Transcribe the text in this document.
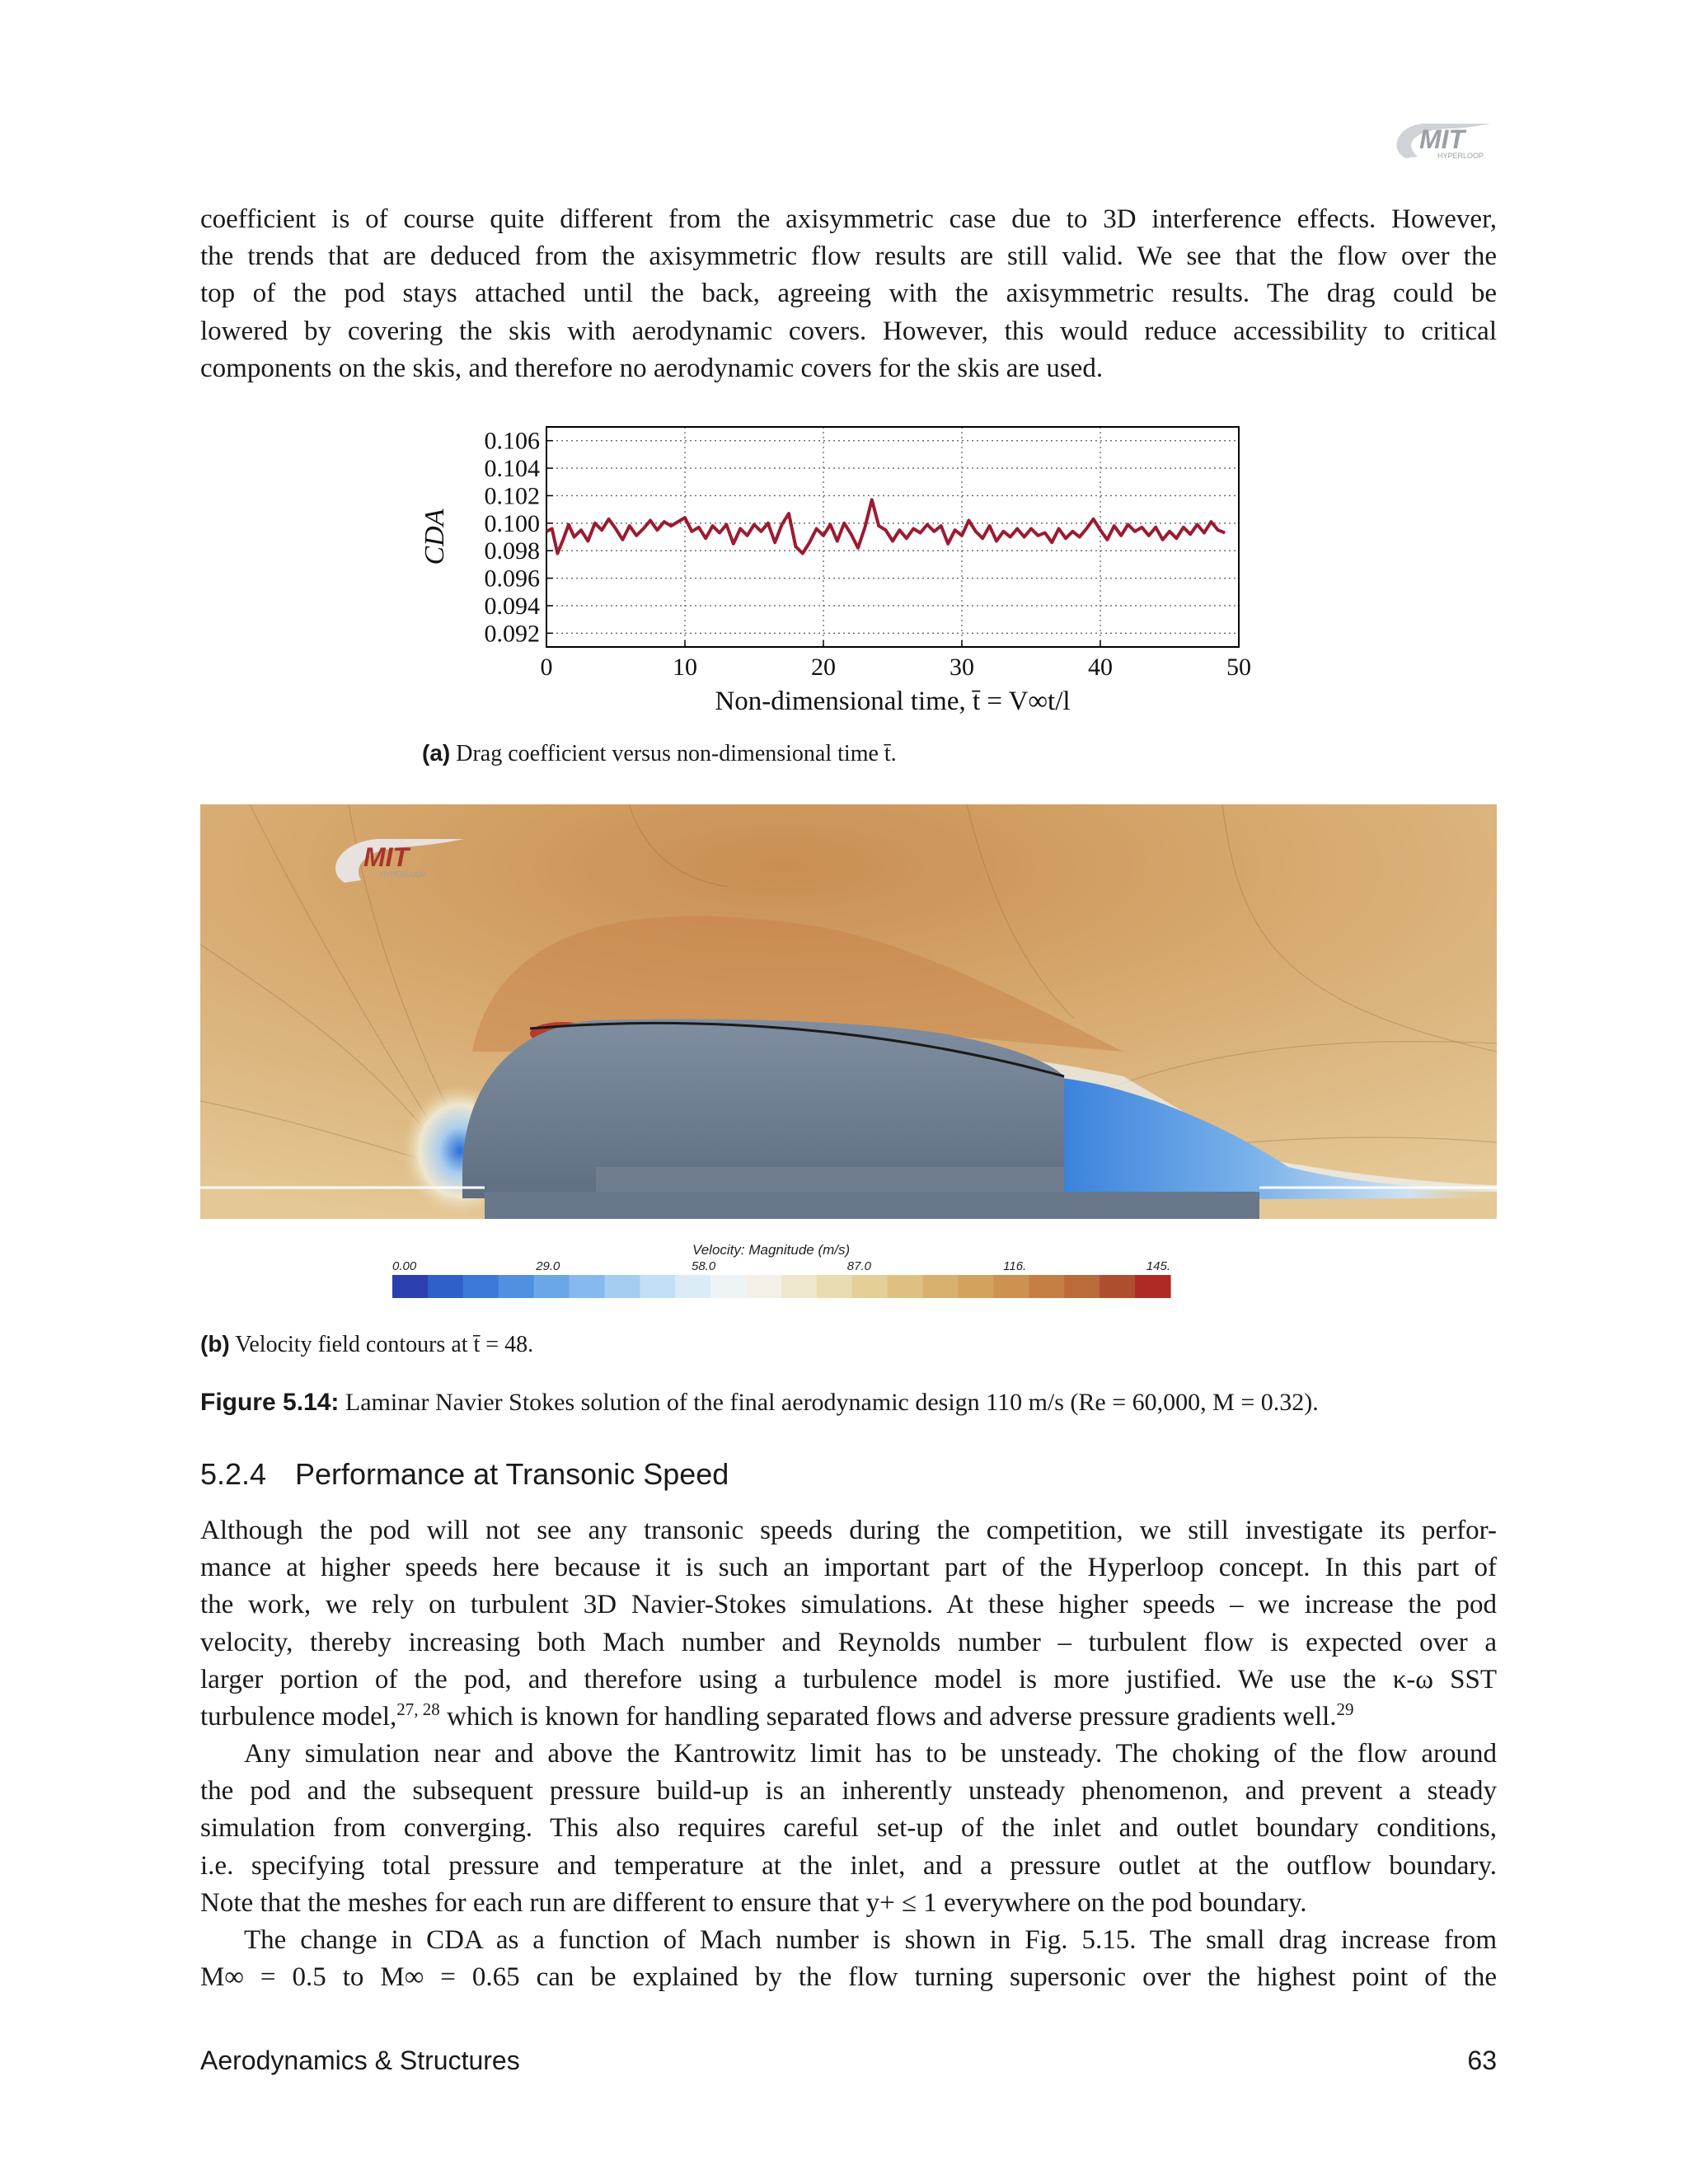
MIT
HYPERLOOP

coefficient is of course quite different from the axisymmetric case due to 3D interference effects. However,
the trends that are deduced from the axisymmetric flow results are still valid. We see that the flow over the
top of the pod stays attached until the back, agreeing with the axisymmetric results. The drag could be
lowered by covering the skis with aerodynamic covers. However, this would reduce accessibility to critical
components on the skis, and therefore no aerodynamic covers for the skis are used.

0.106
0.104
0.102
0.100
0.098
0.096
0.094
0.092
0	10	20	30	40	50
Non-dimensional time, t̄ = V∞t/l
CDA
(a) Drag coefficient versus non-dimensional time t̄.
MIT
HYPERLOOP
Velocity: Magnitude (m/s)
0.00	29.0	58.0	87.0	116.	145.
(b) Velocity field contours at t̄ = 48.
Figure 5.14: Laminar Navier Stokes solution of the final aerodynamic design 110 m/s (Re = 60,000, M = 0.32).
5.2.4 Performance at Transonic Speed

Although the pod will not see any transonic speeds during the competition, we still investigate its perfor-
mance at higher speeds here because it is such an important part of the Hyperloop concept. In this part of
the work, we rely on turbulent 3D Navier-Stokes simulations. At these higher speeds – we increase the pod
velocity, thereby increasing both Mach number and Reynolds number – turbulent flow is expected over a
larger portion of the pod, and therefore using a turbulence model is more justified. We use the κ-ω SST
turbulence model,$^{27, 28}$ which is known for handling separated flows and adverse pressure gradients well.$^{29}$

Any simulation near and above the Kantrowitz limit has to be unsteady. The choking of the flow around
the pod and the subsequent pressure build-up is an inherently unsteady phenomenon, and prevent a steady
simulation from converging. This also requires careful set-up of the inlet and outlet boundary conditions,
i.e. specifying total pressure and temperature at the inlet, and a pressure outlet at the outflow boundary.
Note that the meshes for each run are different to ensure that y+ ≤ 1 everywhere on the pod boundary.

The change in CDA as a function of Mach number is shown in Fig. 5.15. The small drag increase from
M∞ = 0.5 to M∞ = 0.65 can be explained by the flow turning supersonic over the highest point of the

Aerodynamics & Structures	63
